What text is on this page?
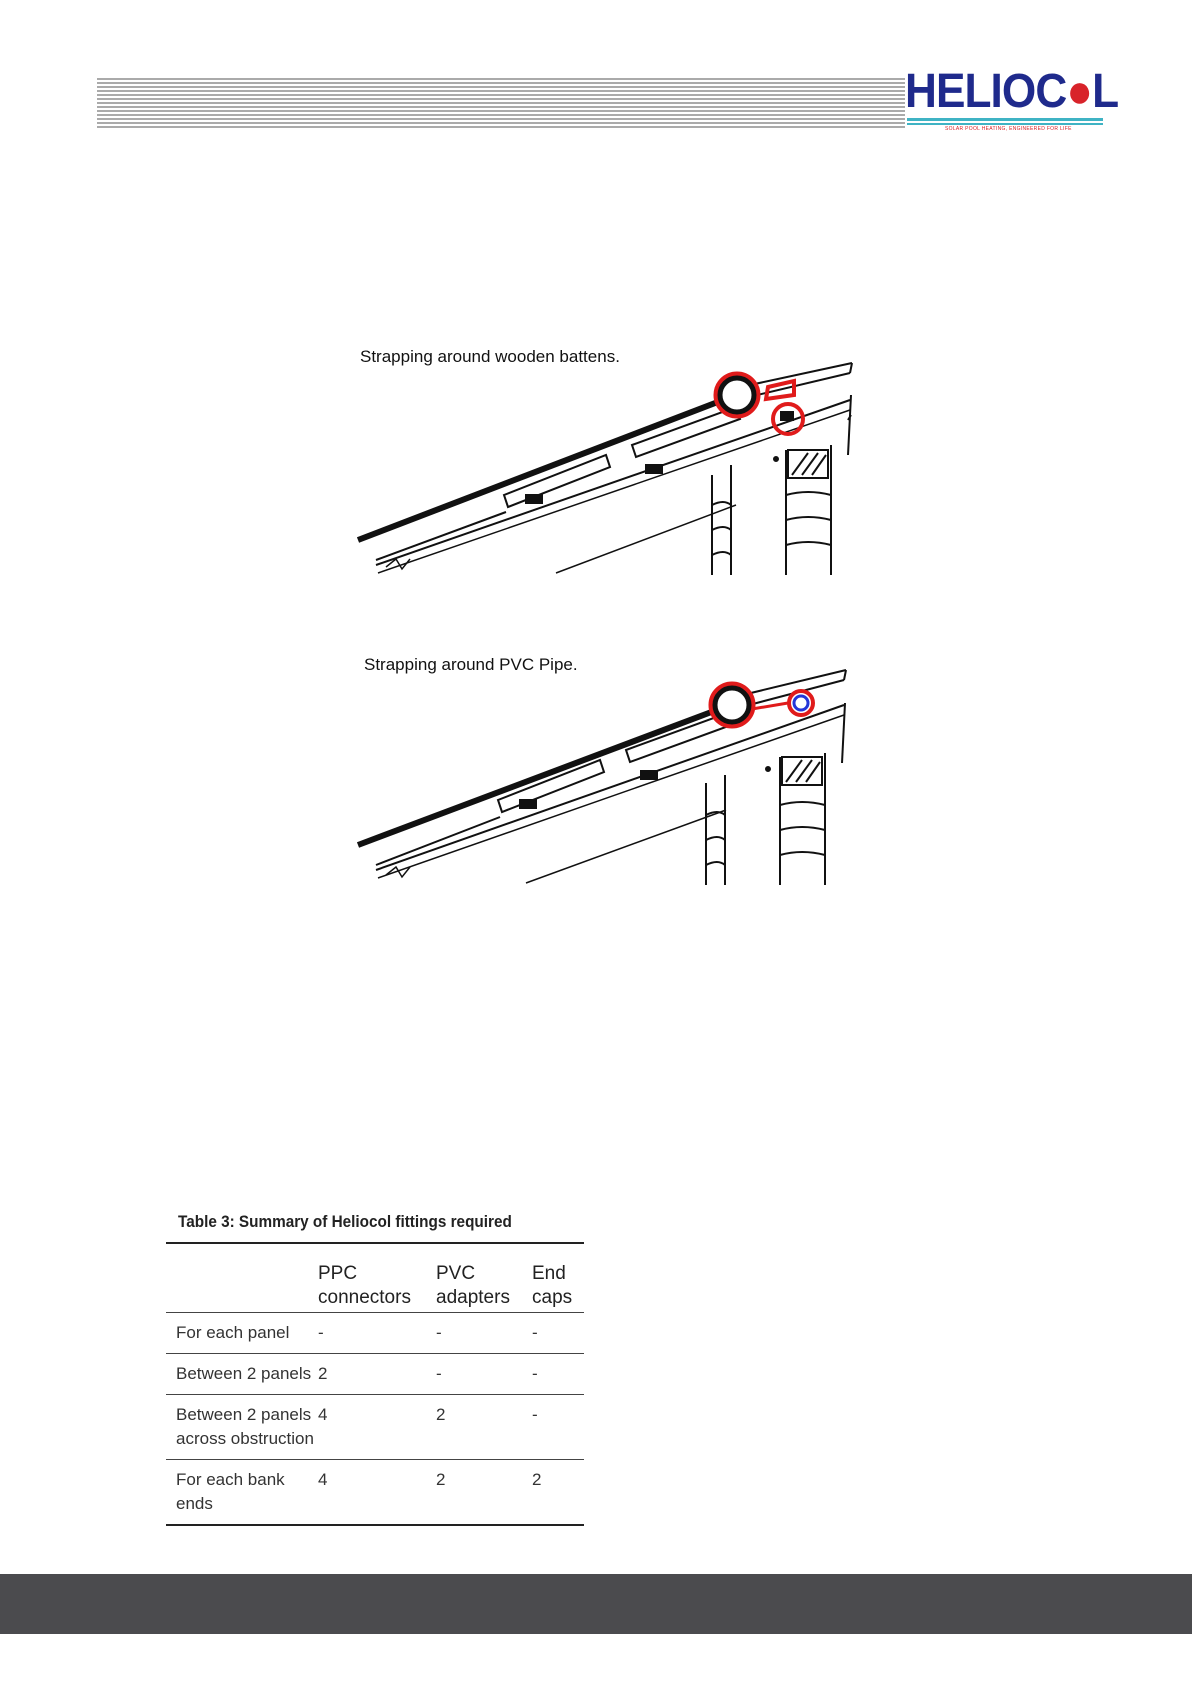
HELIOC●L
SOLAR POOL HEATING, ENGINEERED FOR LIFE
Strapping around wooden battens.
Strapping around PVC Pipe.
Table 3: Summary of Heliocol fittings required

	PPC connectors	PVC adapters	End caps

For each panel	-	-	-
Between 2 panels	2	-	-
Between 2 panels across obstruction	4	2	-
For each bank ends	4	2	2
